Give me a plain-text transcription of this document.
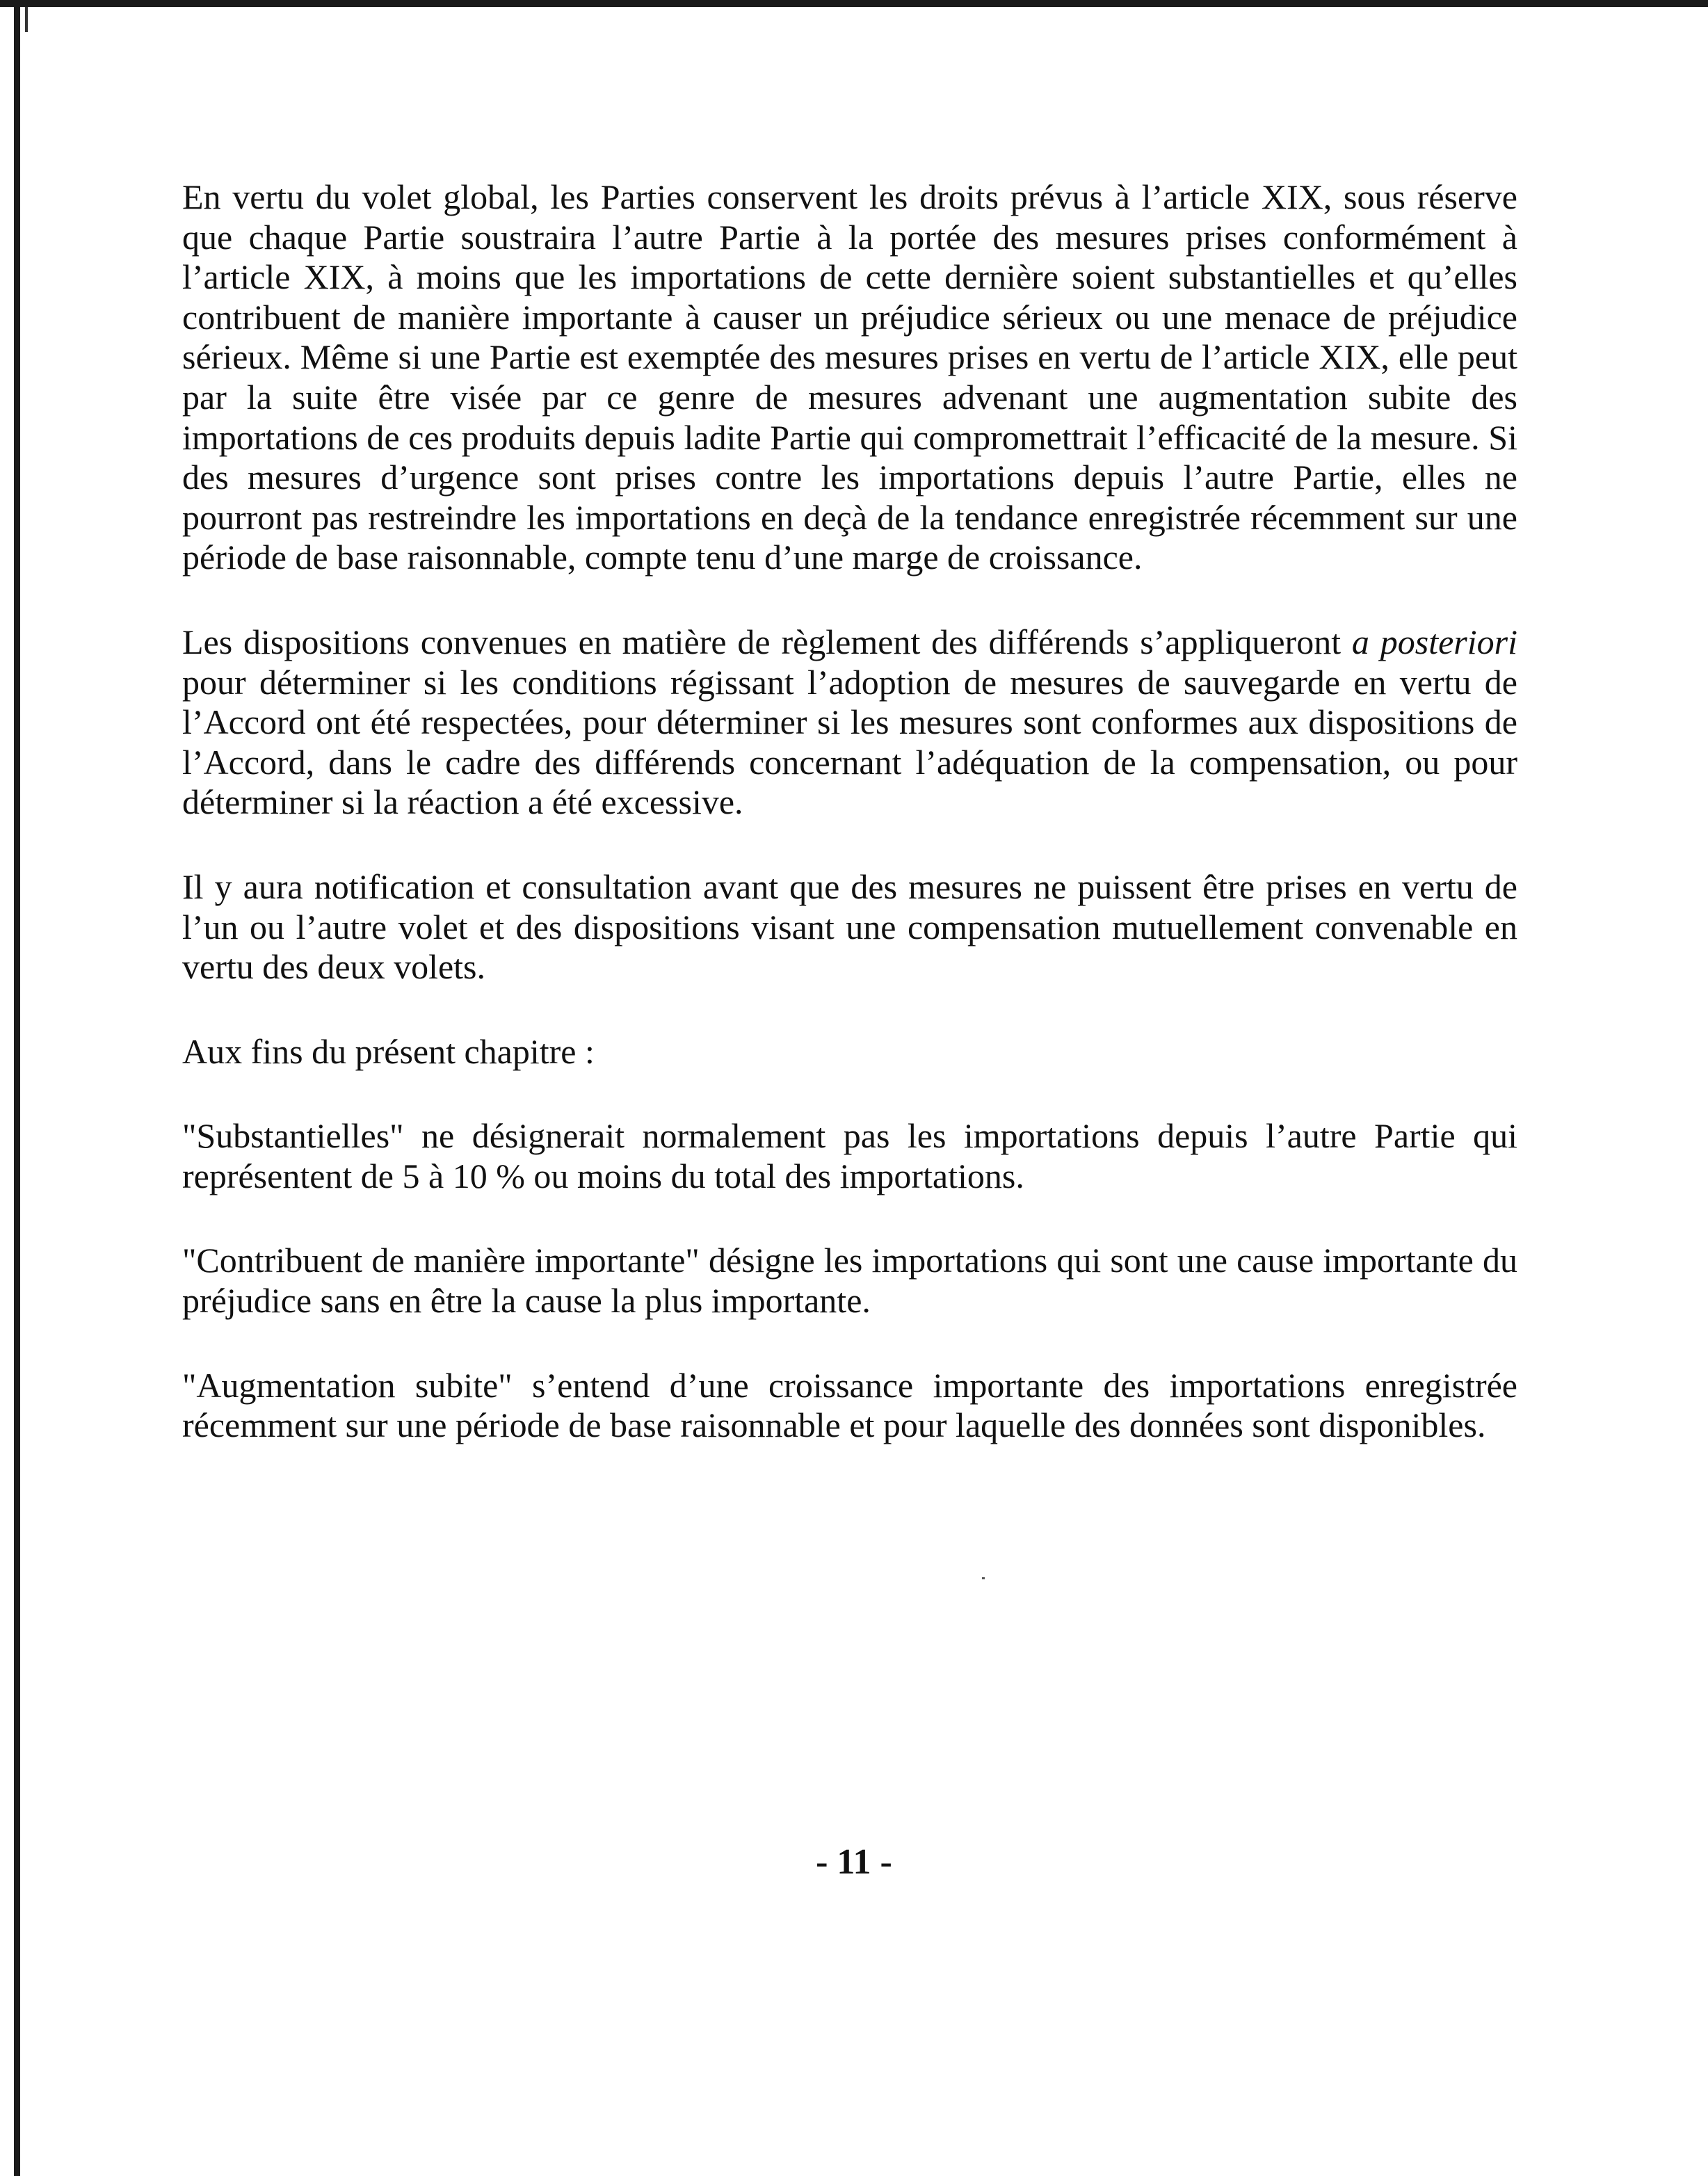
En vertu du volet global, les Parties conservent les droits prévus à l’article XIX, sous réserve que chaque Partie soustraira l’autre Partie à la portée des mesures prises conformément à l’article XIX, à moins que les importations de cette dernière soient substantielles et qu’elles contribuent de manière importante à causer un préjudice sérieux ou une menace de préjudice sérieux. Même si une Partie est exemptée des mesures prises en vertu de l’article XIX, elle peut par la suite être visée par ce genre de mesures advenant une augmentation subite des importations de ces produits depuis ladite Partie qui compromettrait l’efficacité de la mesure. Si des mesures d’urgence sont prises contre les importations depuis l’autre Partie, elles ne pourront pas restreindre les importations en deçà de la tendance enregistrée récemment sur une période de base raisonnable, compte tenu d’une marge de croissance.

Les dispositions convenues en matière de règlement des différends s’appliqueront a posteriori pour déterminer si les conditions régissant l’adoption de mesures de sauvegarde en vertu de l’Accord ont été respectées, pour déterminer si les mesures sont conformes aux dispositions de l’Accord, dans le cadre des différends concernant l’adéquation de la compensation, ou pour déterminer si la réaction a été excessive.

Il y aura notification et consultation avant que des mesures ne puissent être prises en vertu de l’un ou l’autre volet et des dispositions visant une compensation mutuellement convenable en vertu des deux volets.

Aux fins du présent chapitre :

"Substantielles" ne désignerait normalement pas les importations depuis l’autre Partie qui représentent de 5 à 10 % ou moins du total des importations.

"Contribuent de manière importante" désigne les importations qui sont une cause importante du préjudice sans en être la cause la plus importante.

"Augmentation subite" s’entend d’une croissance importante des importations enregistrée récemment sur une période de base raisonnable et pour laquelle des données sont disponibles.

- 11 -
